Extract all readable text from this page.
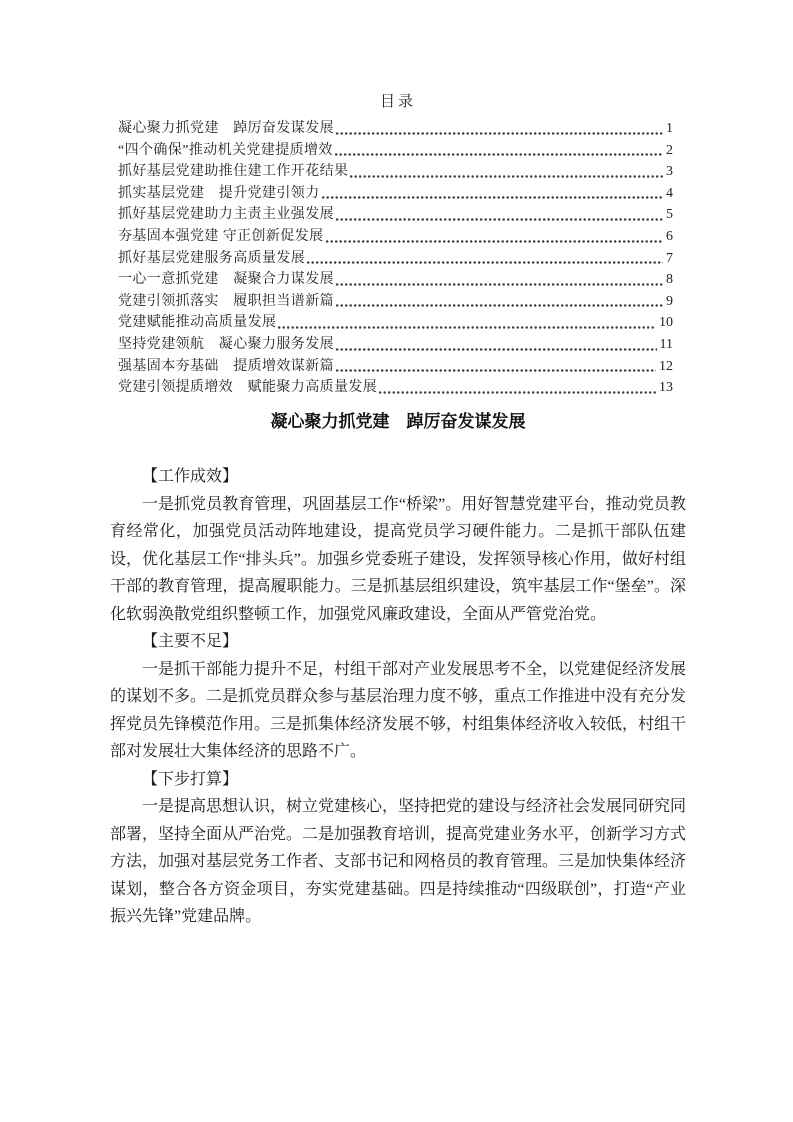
目录
凝心聚力抓党建　踔厉奋发谋发展	1
“四个确保”推动机关党建提质增效	2
抓好基层党建助推住建工作开花结果	3
抓实基层党建　提升党建引领力	4
抓好基层党建助力主责主业强发展	5
夯基固本强党建 守正创新促发展	6
抓好基层党建服务高质量发展	7
一心一意抓党建　凝聚合力谋发展	8
党建引领抓落实　履职担当谱新篇	9
党建赋能推动高质量发展	10
坚持党建领航　凝心聚力服务发展	11
强基固本夯基础　提质增效谋新篇	12
党建引领提质增效　赋能聚力高质量发展	13
凝心聚力抓党建　踔厉奋发谋发展

【工作成效】

一是抓党员教育管理，巩固基层工作“桥梁”。用好智慧党建平台，推动党员教育经常化，加强党员活动阵地建设，提高党员学习硬件能力。二是抓干部队伍建设，优化基层工作“排头兵”。加强乡党委班子建设，发挥领导核心作用，做好村组干部的教育管理，提高履职能力。三是抓基层组织建设，筑牢基层工作“堡垒”。深化软弱涣散党组织整顿工作，加强党风廉政建设，全面从严管党治党。

【主要不足】

一是抓干部能力提升不足，村组干部对产业发展思考不全，以党建促经济发展的谋划不多。二是抓党员群众参与基层治理力度不够，重点工作推进中没有充分发挥党员先锋模范作用。三是抓集体经济发展不够，村组集体经济收入较低，村组干部对发展壮大集体经济的思路不广。

【下步打算】

一是提高思想认识，树立党建核心，坚持把党的建设与经济社会发展同研究同部署，坚持全面从严治党。二是加强教育培训，提高党建业务水平，创新学习方式方法，加强对基层党务工作者、支部书记和网格员的教育管理。三是加快集体经济谋划，整合各方资金项目，夯实党建基础。四是持续推动“四级联创”，打造“产业振兴先锋”党建品牌。
